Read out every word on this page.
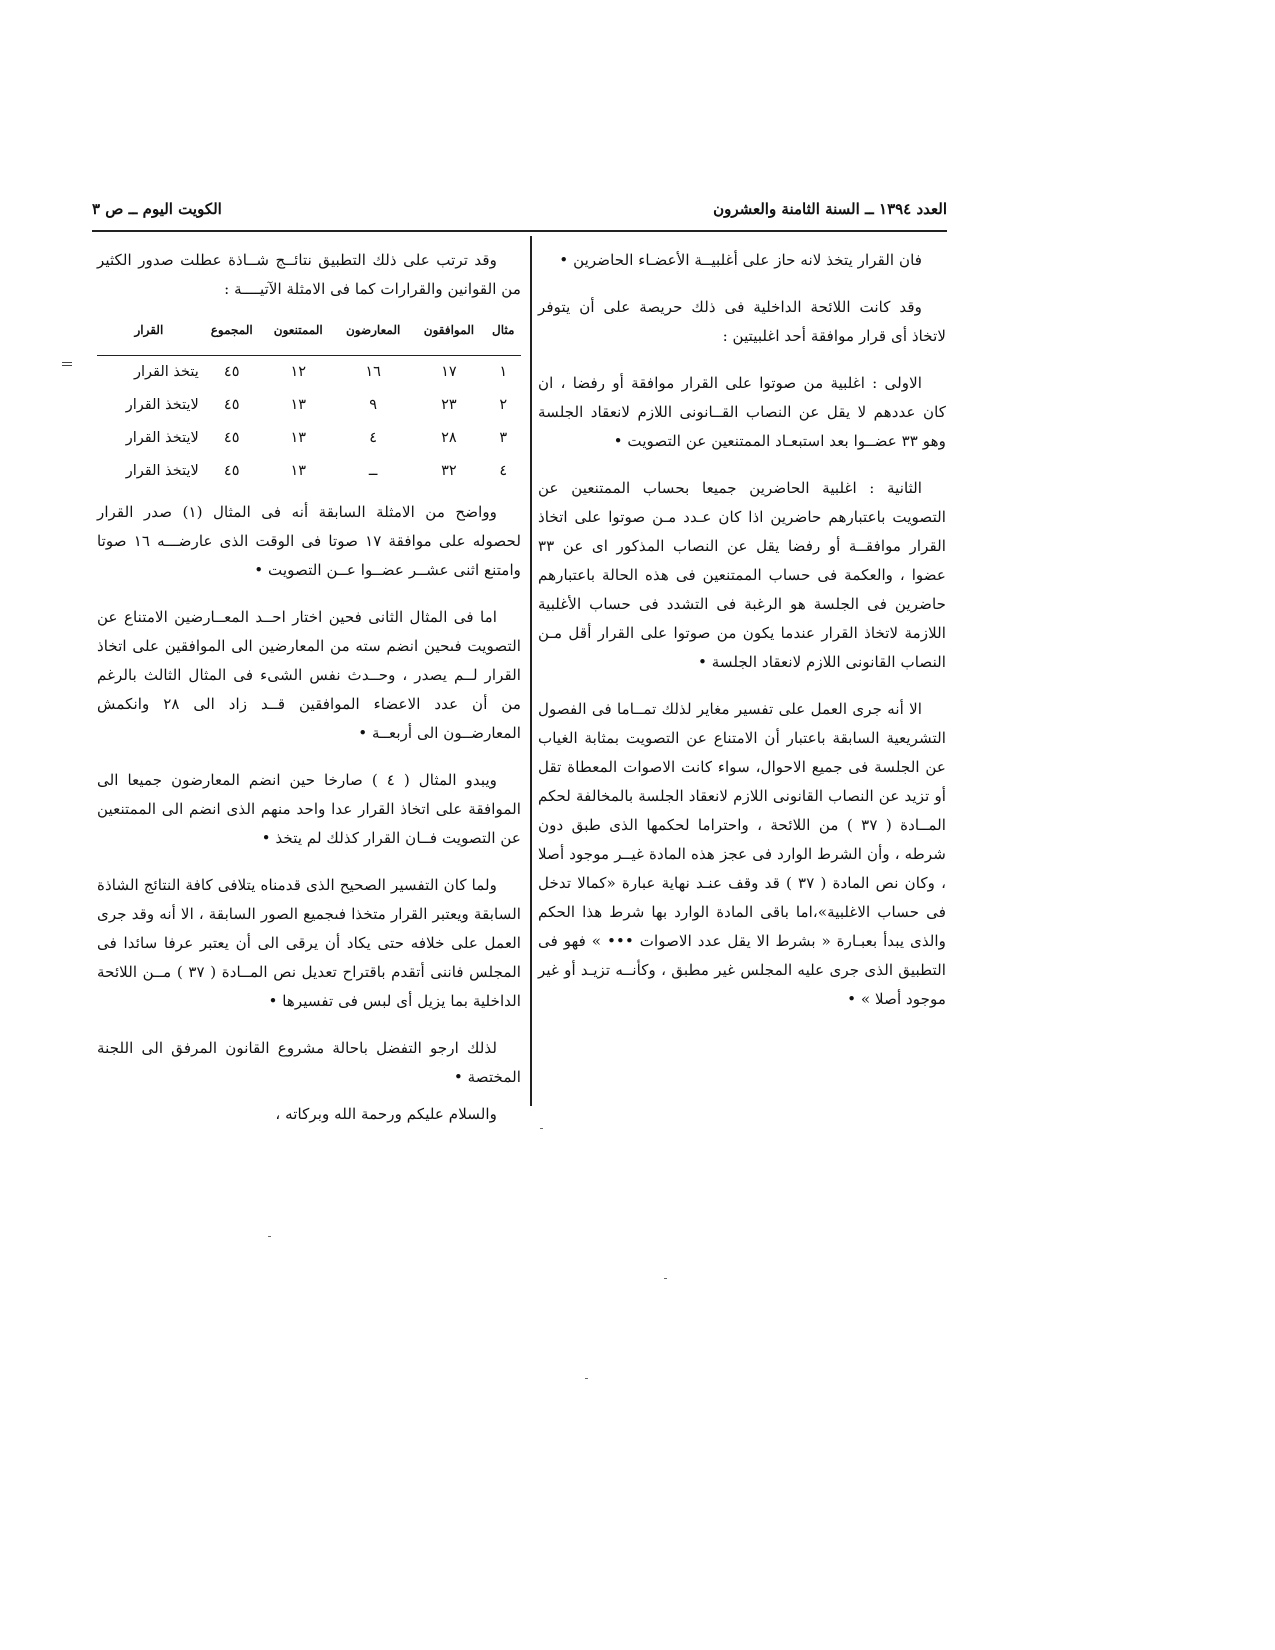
العدد ١٣٩٤ ــ السنة الثامنة والعشرون
الكويت اليوم ــ ص ٣

فان القرار يتخذ لانه حاز على أغلبيــة الأعضـاء الحاضرين •

وقد كانت اللائحة الداخلية فى ذلك حريصة على أن يتوفر لاتخاذ أى قرار موافقة أحد اغلبيتين :

الاولى : اغلبية من صوتوا على القرار موافقة أو رفضا ، ان كان عددهم لا يقل عن النصاب القــانونى اللازم لانعقاد الجلسة وهو ٣٣ عضــوا بعد استبعـاد الممتنعين عن التصويت •

الثانية : اغلبية الحاضرين جميعا بحساب الممتنعين عن التصويت باعتبارهم حاضرين اذا كان عـدد مـن صوتوا على اتخاذ القرار موافقــة أو رفضا يقل عن النصاب المذكور اى عن ٣٣ عضوا ، والعكمة فى حساب الممتنعين فى هذه الحالة باعتبارهم حاضرين فى الجلسة هو الرغبة فى التشدد فى حساب الأغلبية اللازمة لاتخاذ القرار عندما يكون من صوتوا على القرار أقل مـن النصاب القانونى اللازم لانعقاد الجلسة •

الا أنه جرى العمل على تفسير مغاير لذلك تمــاما فى الفصول التشريعية السابقة باعتبار أن الامتناع عن التصويت بمثابة الغياب عن الجلسة فى جميع الاحوال، سواء كانت الاصوات المعطاة تقل أو تزيد عن النصاب القانونى اللازم لانعقاد الجلسة بالمخالفة لحكم المــادة ( ٣٧ ) من اللائحة ، واحتراما لحكمها الذى طبق دون شرطه ، وأن الشرط الوارد فى عجز هذه المادة غيــر موجود أصلا ، وكان نص المادة ( ٣٧ ) قد وقف عنـد نهاية عبارة «كمالا تدخل فى حساب الاغلبية»،اما باقى المادة الوارد بها شرط هذا الحكم والذى يبدأ بعبـارة « بشرط الا يقل عدد الاصوات ••• » فهو فى التطبيق الذى جرى عليه المجلس غير مطبق ، وكأنــه تزيـد أو غير موجود أصلا » •

وقد ترتب على ذلك التطبيق نتائــج شــاذة عطلت صدور الكثير من القوانين والقرارات كما فى الامثلة الآتيــــة :

مثال	الموافقون	المعارضون	الممتنعون	المجموع	القرار
١	١٧	١٦	١٢	٤٥	يتخذ القرار
٢	٢٣	٩	١٣	٤٥	لايتخذ القرار
٣	٢٨	٤	١٣	٤٥	لايتخذ القرار
٤	٣٢	ــ	١٣	٤٥	لايتخذ القرار

وواضح من الامثلة السابقة أنه فى المثال (١) صدر القرار لحصوله على موافقة ١٧ صوتا فى الوقت الذى عارضـــه ١٦ صوتا وامتنع اثنى عشــر عضــوا عــن التصويت •

اما فى المثال الثانى فحين اختار احــد المعــارضين الامتناع عن التصويت فىحين انضم سته من المعارضين الى الموافقين على اتخاذ القرار لــم يصدر ، وحــدث نفس الشىء فى المثال الثالث بالرغم من أن عدد الاعضاء الموافقين قــد زاد الى ٢٨ وانكمش المعارضــون الى أربعــة •

ويبدو المثال ( ٤ ) صارخا حين انضم المعارضون جميعا الى الموافقة على اتخاذ القرار عدا واحد منهم الذى انضم الى الممتنعين عن التصويت فــان القرار كذلك لم يتخذ •

ولما كان التفسير الصحيح الذى قدمناه يتلافى كافة النتائج الشاذة السابقة ويعتبر القرار متخذا فىجميع الصور السابقة ، الا أنه وقد جرى العمل على خلافه حتى يكاد أن يرقى الى أن يعتبر عرفا سائدا فى المجلس فاننى أتقدم باقتراح تعديل نص المــادة ( ٣٧ ) مــن اللائحة الداخلية بما يزيل أى لبس فى تفسيرها •

لذلك ارجو التفضل باحالة مشروع القانون المرفق الى اللجنة المختصة •

والسلام عليكم ورحمة الله وبركاته ،
